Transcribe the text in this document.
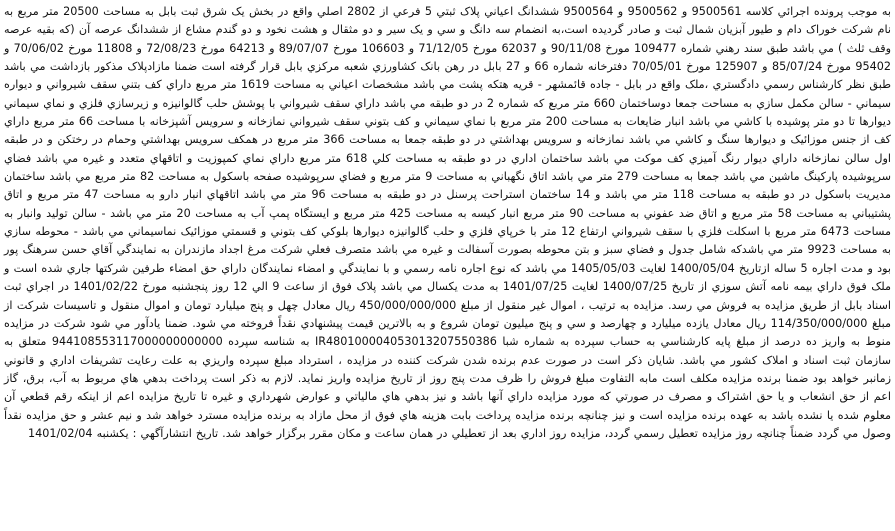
به موجب پرونده اجرائي کلاسه 9500561 و 9500562 و 9500564 ششدانگ اعياني پلاک ثبتي 5 فرعي از 2802 اصلي واقع در بخش يک شرق ثبت بابل به مساحت 20500 متر مربع به نام شرکت خوراک دام و طيور آبزيان شمال ثبت و صادر گرديده است،به انضمام سه دانگ و سي و يک سير و دو مثقال و هشت نخود و دو گندم مشاع از ششدانگ عرصه آن (که بقيه عرصه وقف ثلث ) مي باشد طبق سند رهني شماره 109477 مورخ 90/11/08 و 62037 مورخ 71/12/05 و 106603 مورخ 89/07/07 و 64213 مورخ 72/08/23 و 11808 مورخ 70/06/02 و 95402 مورخ 85/07/24 و 125907 مورخ 70/05/01 دفترخانه شماره 66 و 27 بابل در رهن بانک کشاورزي شعبه مرکزي بابل قرار گرفته است ضمنا مازادپلاک مذکور بازداشت مي باشد طبق نظر کارشناس رسمي دادگستري ،ملک واقع در بابل - جاده قائمشهر - قريه هتکه پشت مي باشد مشخصات اعياني به مساحت 1619 متر مربع داراي کف بتني سقف شيرواني و ديواره سيماني - سالن مکمل سازي به مساحت جمعا دوساختمان 660 متر مربع که شماره 2 در دو طبقه مي باشد داراي سقف شيرواني با پوشش حلب گالوانيزه و زيرسازي فلزي و نماي سيماني ديوارها تا دو متر پوشيده با کاشي مي باشد انبار ضايعات به مساحت 200 متر مربع با نماي سيماني و کف بتوني سقف شيرواني نمازخانه و سرويس آشپزخانه با مساحت 66 متر مربع داراي کف از جنس موزائيک و ديوارها سنگ و کاشي مي باشد نمازخانه و سرويس بهداشتي در دو طبقه جمعا به مساحت 366 متر مربع در همکف سرويس بهداشتي وحمام در رختکن و در طبقه اول سالن نمازخانه داراي ديوار رنگ آميزي کف موکت مي باشد ساختمان اداري در دو طبقه به مساحت کلي 618 متر مربع داراي نماي کمپوزيت و اتاقهاي متعدد و غيره مي باشد فضاي سرپوشيده پارکينگ ماشين مي باشد جمعا به مساحت 279 متر مي باشد اتاق نگهباني به مساحت 9 متر مربع و فضاي سرپوشيده صفحه باسکول به مساحت 82 متر مربع مي باشد ساختمان مديريت باسکول در دو طبقه به مساحت 118 متر مي باشد و 14 ساختمان استراحت پرسنل در دو طبقه به مساحت 96 متر مي باشد اتاقهاي انبار دارو به مساحت 47 متر مربع و اتاق پشتيباني به مساحت 58 متر مربع و اتاق ضد عفوني به مساحت 90 متر مربع انبار کيسه به مساحت 425 متر مربع و ايستگاه پمپ آب به مساحت 20 متر مي باشد - سالن توليد وانبار به مساحت 6473 متر مربع با اسکلت فلزي با سقف شيرواني ارتفاع 12 متر با خرپاي فلزي و حلب گالوانيزه ديوارها بلوکي کف بتوني و قسمتي موزائيک نماسيماني مي باشد - محوطه سازي به مساحت 9923 متر مي باشدکه شامل جدول و فضاي سبز و بتن محوطه بصورت آسفالت و غيره مي باشد متصرف فعلي شرکت مرغ اجداد مازندران به نمايندگي آقاي حسن سرهنگ پور بود و مدت اجاره 5 ساله ازتاريخ 1400/05/04 لغايت 1405/05/03 مي باشد که نوع اجاره نامه رسمي و با نمايندگي و امضاء نمايندگان داراي حق امضاء طرفين شرکتها جاري شده است و ملک فوق داراي بيمه نامه آتش سوزي از تاريخ 1400/07/25 لغايت 1401/07/25 به مدت يکسال مي باشد پلاک فوق از ساعت 9 الي 12 روز پنجشنبه مورخ 1401/02/22 در اجراي ثبت اسناد بابل از طريق مزايده به فروش مي رسد. مزايده به ترتيب ، اموال غير منقول از مبلغ 450/000/000/000 ريال معادل چهل و پنج ميليارد تومان و اموال منقول و تاسيسات شرکت از مبلغ 114/350/000/000 ريال معادل يازده ميليارد و چهارصد و سي و پنج ميليون تومان شروع و به بالاترين قيمت پيشنهادي نقداً فروخته مي شود. ضمنا يادآور مي شود شرکت در مزايده منوط به واريز ده درصد از مبلغ پايه کارشناسي به حساب سپرده به شماره شبا IR480100004053013207550386 به شناسه سپرده 944108553117000000000000 متعلق به سازمان ثبت اسناد و املاک کشور مي باشد. شايان ذکر است در صورت عدم برنده شدن شرکت کننده در مزايده ، استرداد مبلغ سپرده واريزي به علت رعايت تشريفات اداري و قانوني زمانبر خواهد بود ضمنا برنده مزايده مکلف است مابه التفاوت مبلغ فروش را ظرف مدت پنج روز از تاريخ مزايده واريز نمايد. لازم به ذکر است پرداخت بدهي هاي مربوط به آب، برق، گاز اعم از حق انشعاب و يا حق اشتراک و مصرف در صورتي که مورد مزايده داراي آنها باشد و نيز بدهي هاي مالياتي و عوارض شهرداري و غيره تا تاريخ مزايده اعم از اينکه رقم قطعي آن معلوم شده يا نشده باشد به عهده برنده مزايده است و نيز چنانچه برنده مزايده پرداخت بابت هزينه هاي فوق از محل مازاد به برنده مزايده مسترد خواهد شد و نيم عشر و حق مزايده نقداً وصول مي گردد ضمناً چنانچه روز مزايده تعطيل رسمي گردد، مزايده روز اداري بعد از تعطيلي در همان ساعت و مکان مقرر برگزار خواهد شد. تاريخ انتشارآگهي : يکشنبه 1401/02/04
